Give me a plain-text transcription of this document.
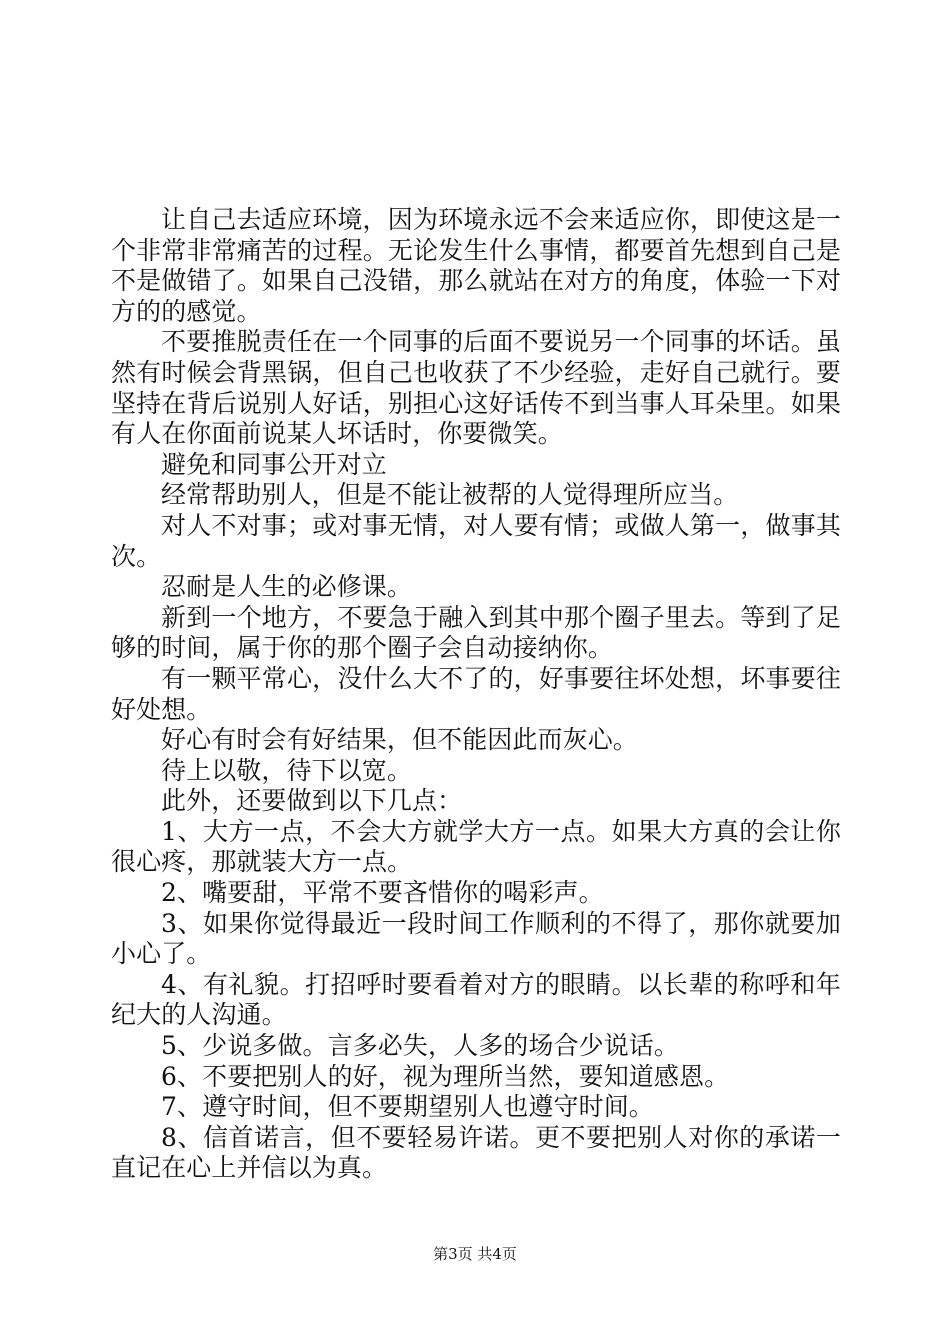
让自己去适应环境，因为环境永远不会来适应你，即使这是一个非常非常痛苦的过程。无论发生什么事情，都要首先想到自己是不是做错了。如果自己没错，那么就站在对方的角度，体验一下对方的的感觉。

不要推脱责任在一个同事的后面不要说另一个同事的坏话。虽然有时候会背黑锅，但自己也收获了不少经验，走好自己就行。要坚持在背后说别人好话，别担心这好话传不到当事人耳朵里。如果有人在你面前说某人坏话时，你要微笑。

避免和同事公开对立

经常帮助别人，但是不能让被帮的人觉得理所应当。

对人不对事；或对事无情，对人要有情；或做人第一，做事其次。

忍耐是人生的必修课。

新到一个地方，不要急于融入到其中那个圈子里去。等到了足够的时间，属于你的那个圈子会自动接纳你。

有一颗平常心，没什么大不了的，好事要往坏处想，坏事要往好处想。

好心有时会有好结果，但不能因此而灰心。

待上以敬，待下以宽。

此外，还要做到以下几点：

1、大方一点，不会大方就学大方一点。如果大方真的会让你很心疼，那就装大方一点。

2、嘴要甜，平常不要吝惜你的喝彩声。

3、如果你觉得最近一段时间工作顺利的不得了，那你就要加小心了。

4、有礼貌。打招呼时要看着对方的眼睛。以长辈的称呼和年纪大的人沟通。

5、少说多做。言多必失，人多的场合少说话。

6、不要把别人的好，视为理所当然，要知道感恩。

7、遵守时间，但不要期望别人也遵守时间。

8、信首诺言，但不要轻易许诺。更不要把别人对你的承诺一直记在心上并信以为真。

第3页 共4页
